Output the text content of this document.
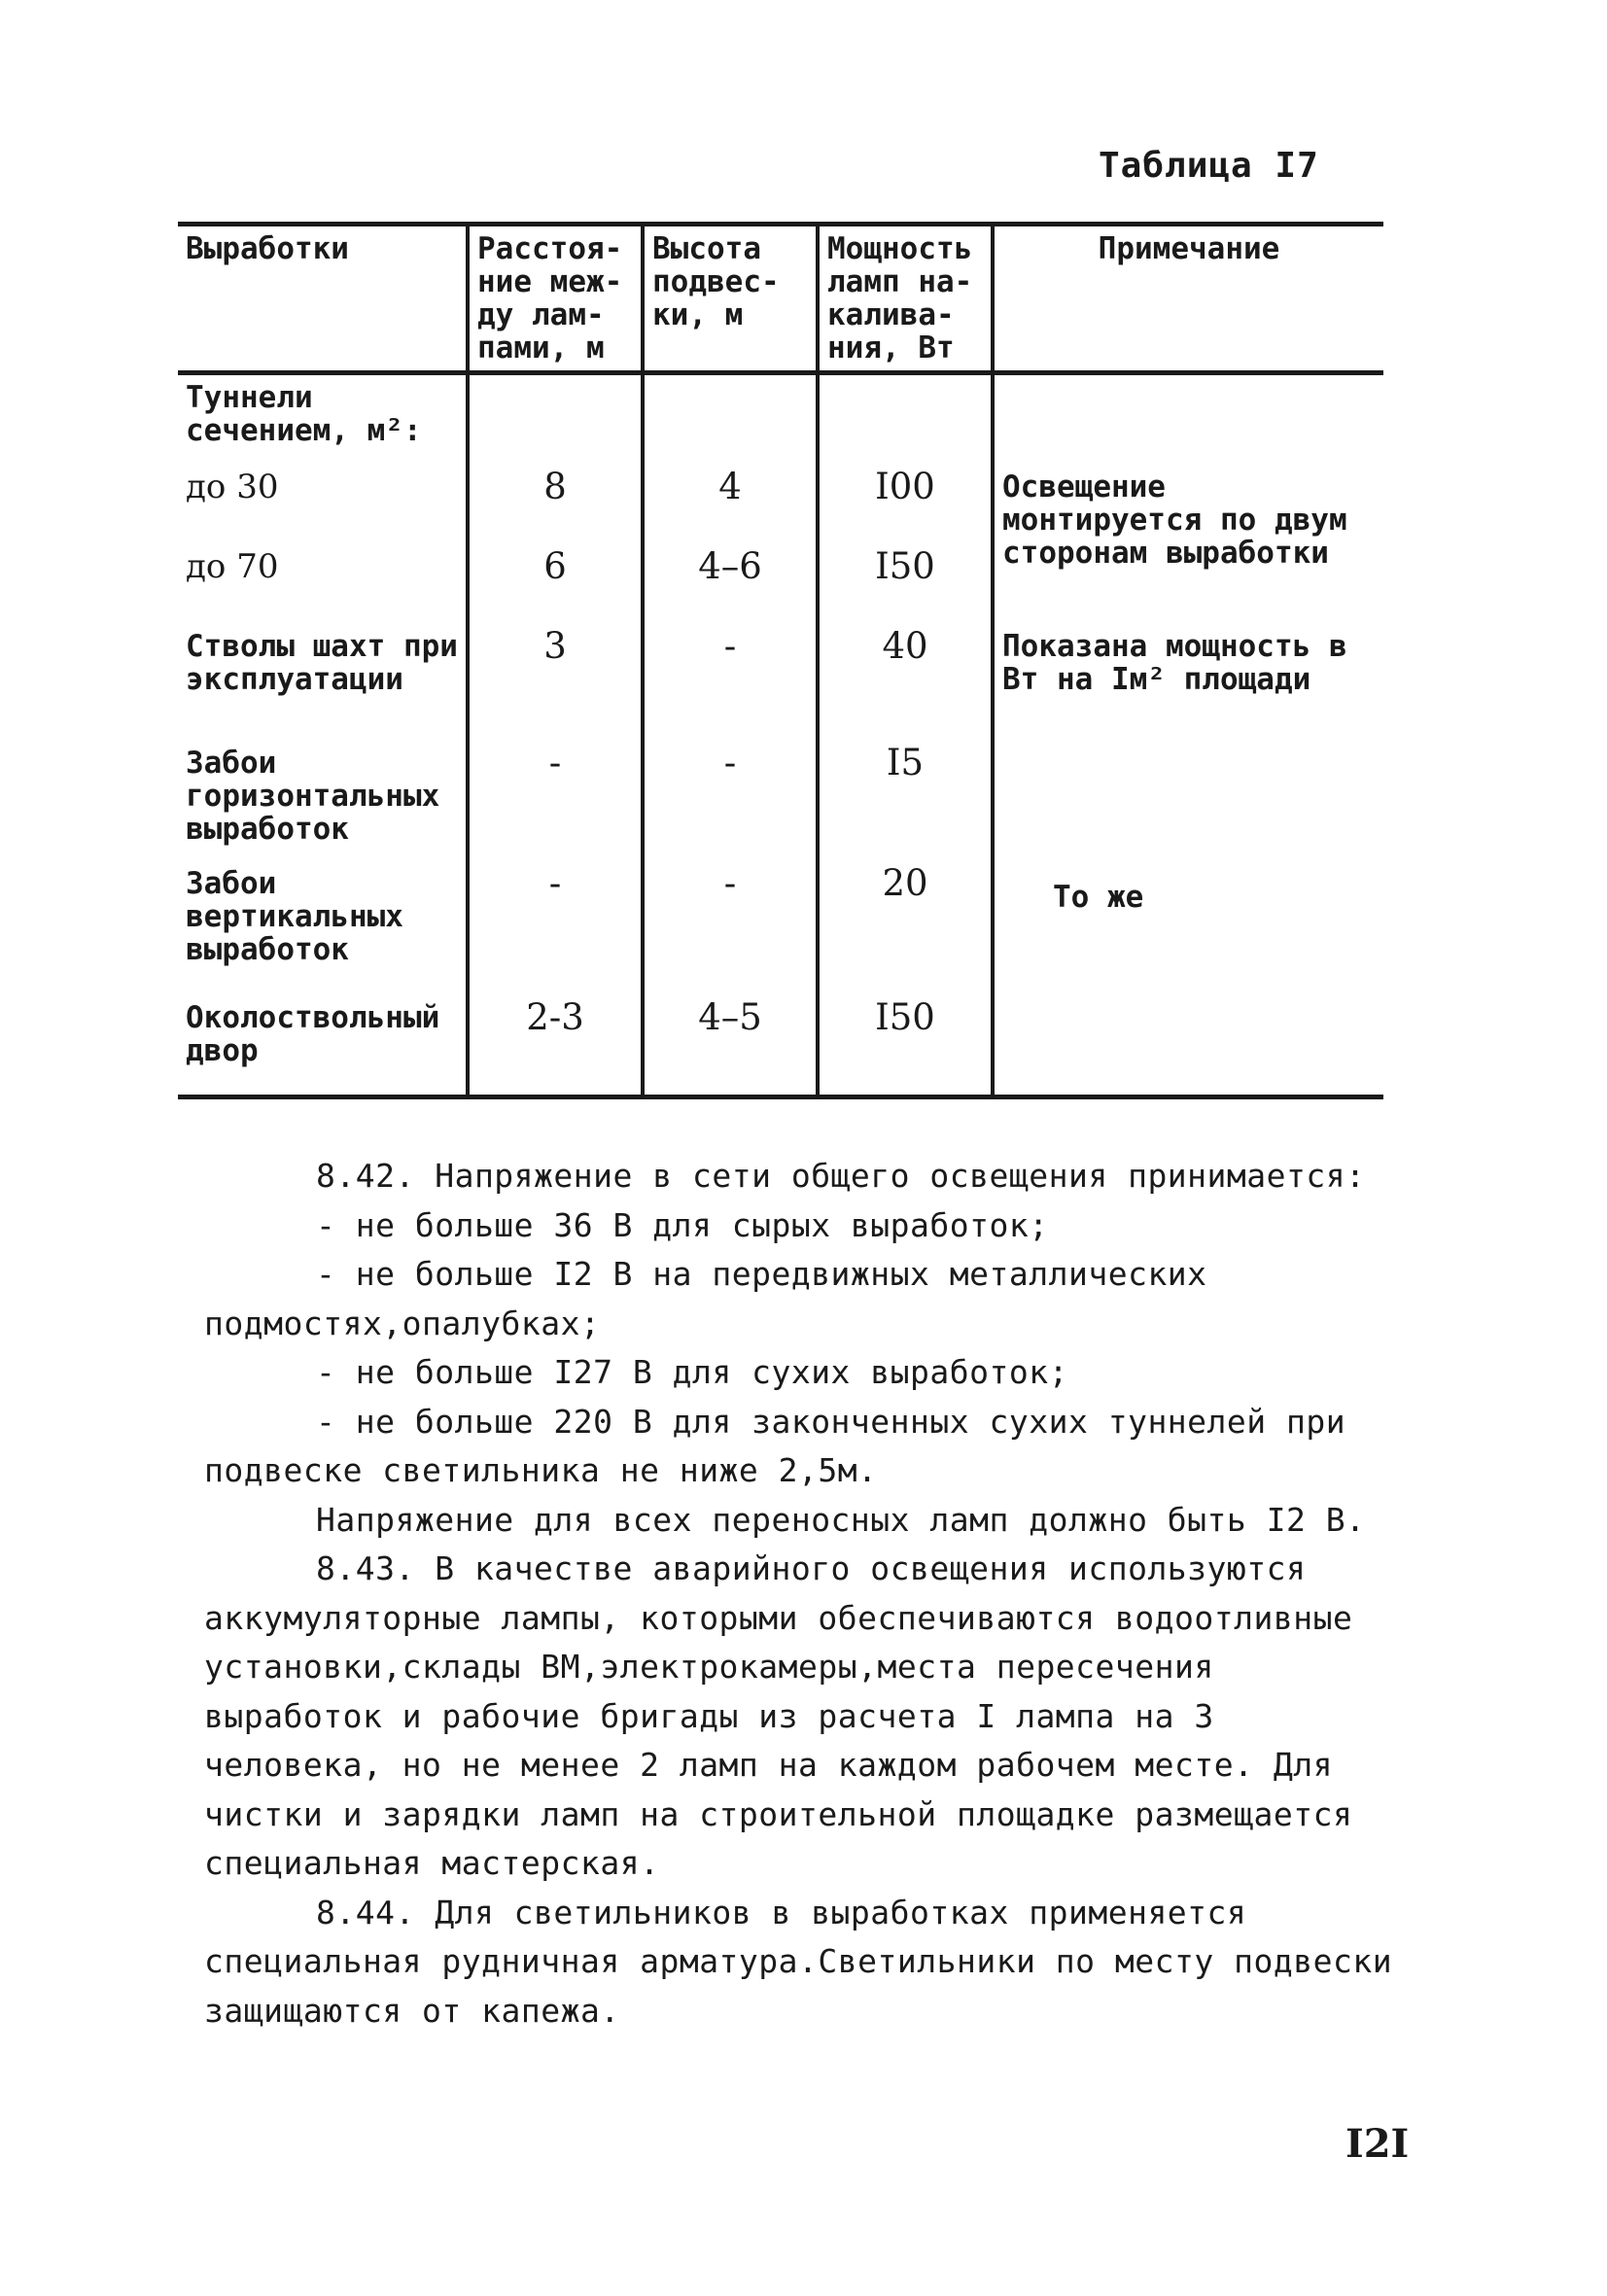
Таблица I7
Выработки	Расстоя-ние меж-ду лам-пами, м	Высота подвес-ки, м	Мощность ламп на-калива-ния, Вт	Примечание
Туннели сечением, м²:				
до 30	8	4	I00	Освещение монтируется по двум сторонам выработки
до 70	6	4–6	I50	
Стволы шахт при эксплуатации	3	-	40	Показана мощность в Вт на Iм² площади
Забои горизонтальных выработок	-	-	I5	
Забои вертикальных выработок	-	-	20	То же
Околоствольный двор	2-3	4–5	I50	

8.42. Напряжение в сети общего освещения принимается:

- не больше 36 В для сырых выработок;

- не больше I2 В на передвижных металлических подмостях,опалубках;

- не больше I27 В для сухих выработок;

- не больше 220 В для законченных сухих туннелей при подвеске светильника не ниже 2,5м.

Напряжение для всех переносных ламп должно быть I2 В.

8.43. В качестве аварийного освещения используются аккумуляторные лампы, которыми обеспечиваются водоотливные установки,склады ВМ,электрокамеры,места пересечения выработок и рабочие бригады из расчета I лампа на 3 человека, но не менее 2 ламп на каждом рабочем месте. Для чистки и зарядки ламп на строительной площадке размещается специальная мастерская.

8.44. Для светильников в выработках применяется специальная рудничная арматура.Светильники по месту подвески защищаются от капежа.

I2I
